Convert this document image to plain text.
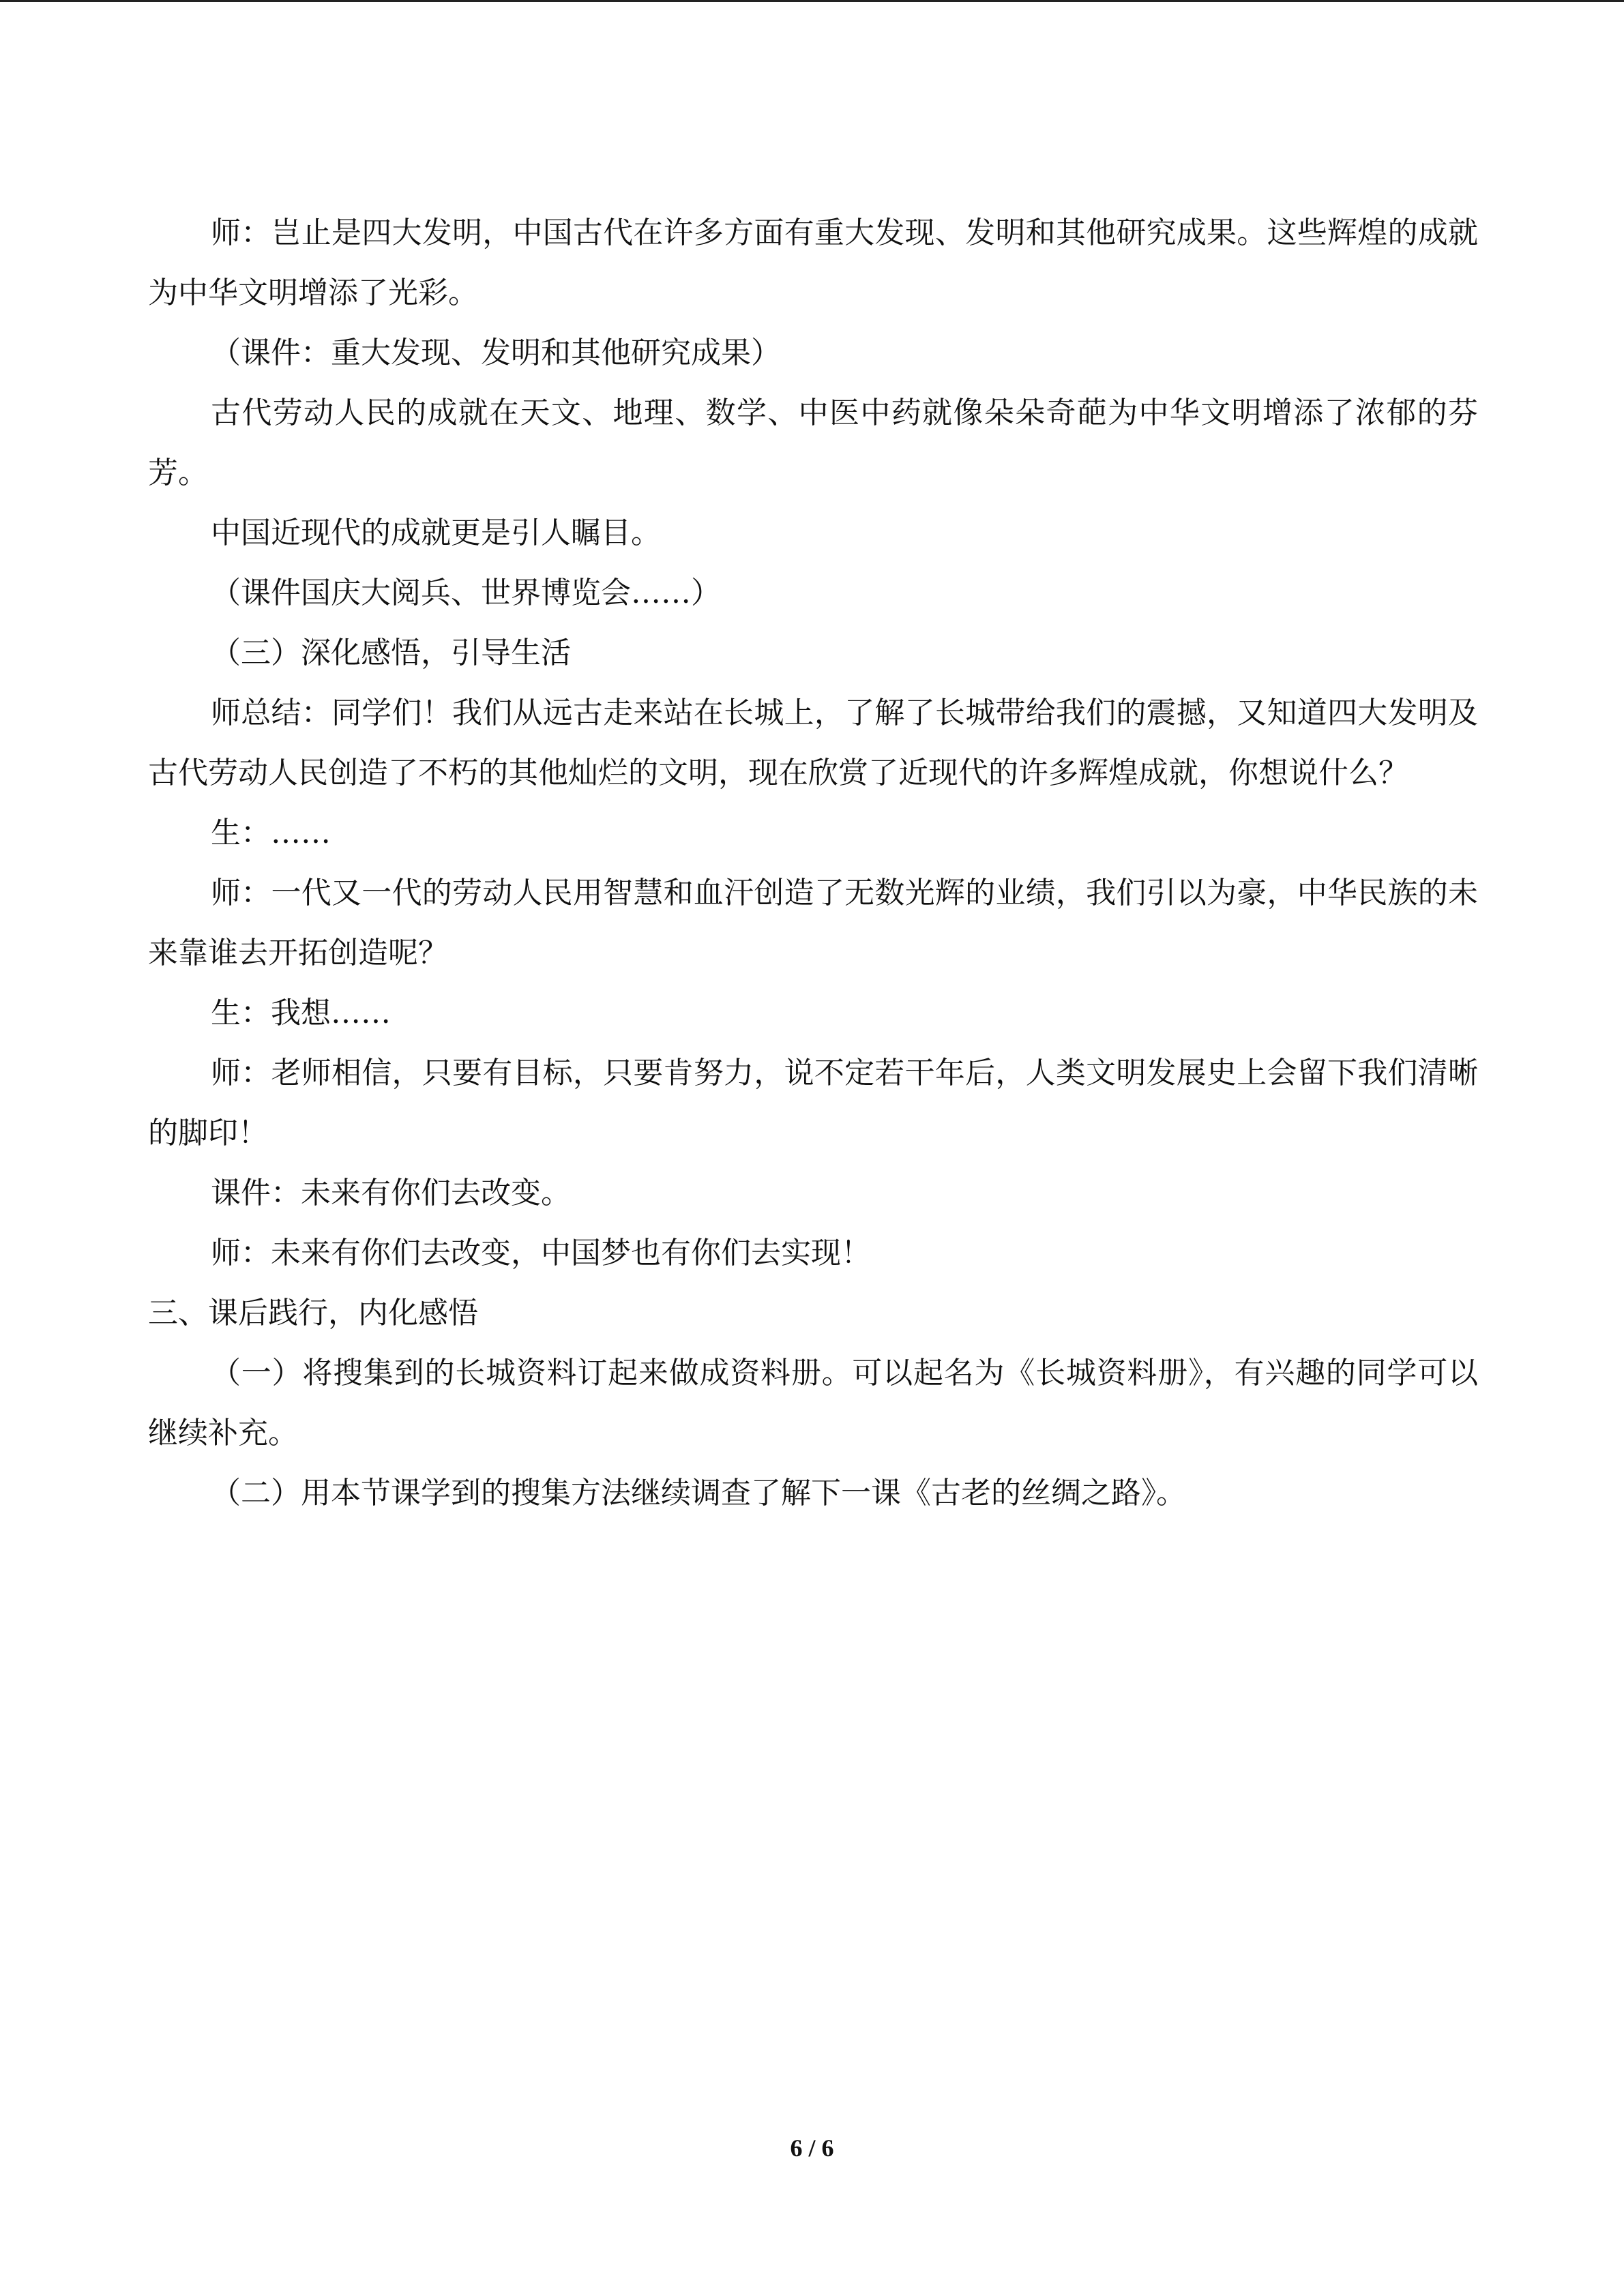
师：岂止是四大发明，中国古代在许多方面有重大发现、发明和其他研究成果。这些辉煌的成就为中华文明增添了光彩。

（课件：重大发现、发明和其他研究成果）

古代劳动人民的成就在天文、地理、数学、中医中药就像朵朵奇葩为中华文明增添了浓郁的芬芳。

中国近现代的成就更是引人瞩目。

（课件国庆大阅兵、世界博览会……）

（三）深化感悟，引导生活

师总结：同学们！我们从远古走来站在长城上，了解了长城带给我们的震撼，又知道四大发明及古代劳动人民创造了不朽的其他灿烂的文明，现在欣赏了近现代的许多辉煌成就，你想说什么？

生：……

师：一代又一代的劳动人民用智慧和血汗创造了无数光辉的业绩，我们引以为豪，中华民族的未来靠谁去开拓创造呢？

生：我想……

师：老师相信，只要有目标，只要肯努力，说不定若干年后，人类文明发展史上会留下我们清晰的脚印！

课件：未来有你们去改变。

师：未来有你们去改变，中国梦也有你们去实现！

三、课后践行，内化感悟

（一）将搜集到的长城资料订起来做成资料册。可以起名为《长城资料册》，有兴趣的同学可以继续补充。

（二）用本节课学到的搜集方法继续调查了解下一课《古老的丝绸之路》。

6 / 6
